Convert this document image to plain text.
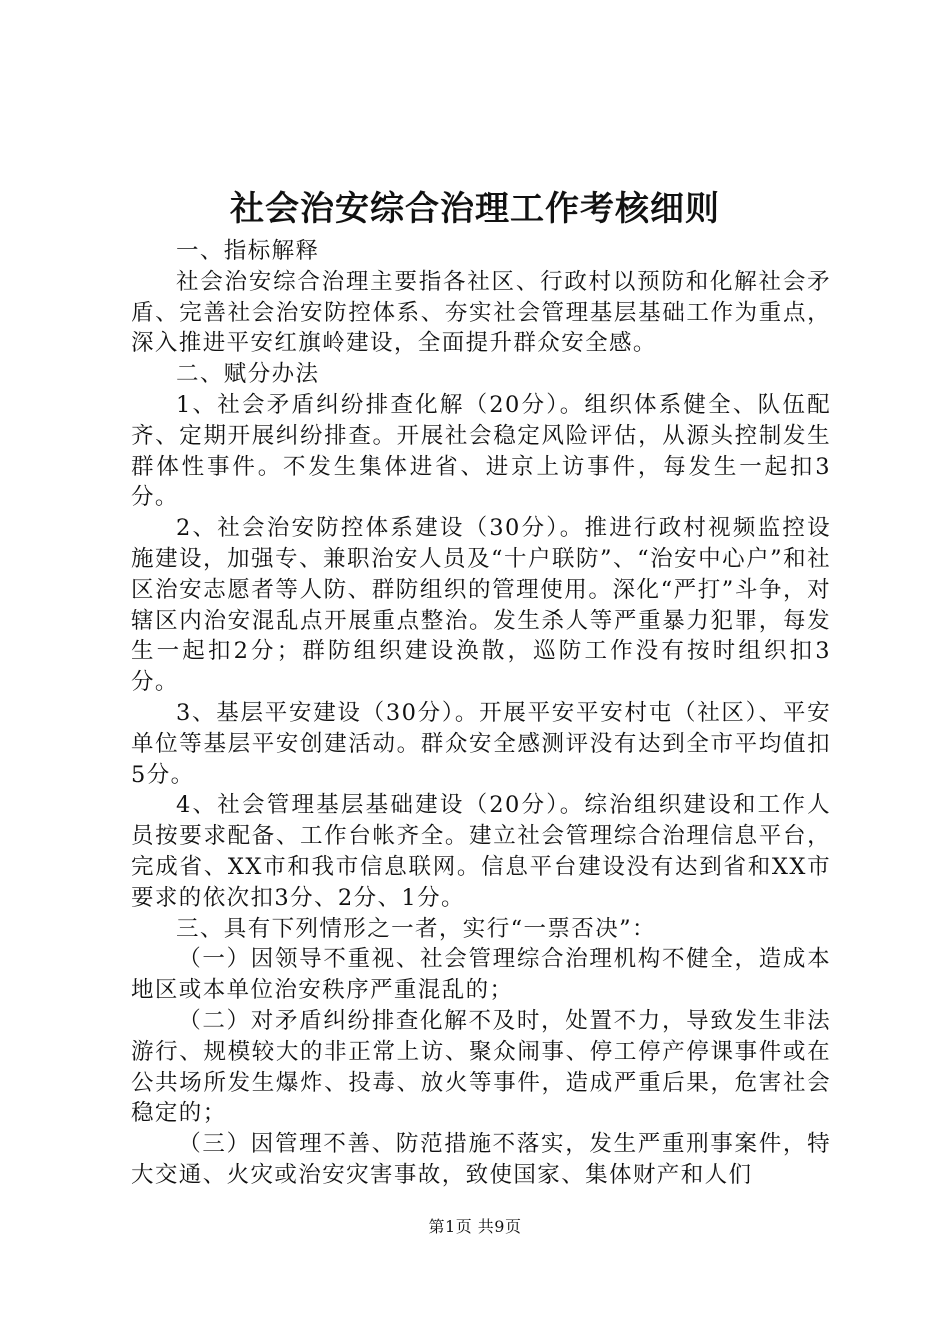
社会治安综合治理工作考核细则

一、指标解释

社会治安综合治理主要指各社区、行政村以预防和化解社会矛盾、完善社会治安防控体系、夯实社会管理基层基础工作为重点，深入推进平安红旗岭建设，全面提升群众安全感。

二、赋分办法

1、社会矛盾纠纷排查化解（20分）。组织体系健全、队伍配齐、定期开展纠纷排查。开展社会稳定风险评估，从源头控制发生群体性事件。不发生集体进省、进京上访事件，每发生一起扣3分。

2、社会治安防控体系建设（30分）。推进行政村视频监控设施建设，加强专、兼职治安人员及“十户联防”、“治安中心户”和社区治安志愿者等人防、群防组织的管理使用。深化“严打”斗争，对辖区内治安混乱点开展重点整治。发生杀人等严重暴力犯罪，每发生一起扣2分；群防组织建设涣散，巡防工作没有按时组织扣3分。

3、基层平安建设（30分）。开展平安平安村屯（社区）、平安单位等基层平安创建活动。群众安全感测评没有达到全市平均值扣5分。

4、社会管理基层基础建设（20分）。综治组织建设和工作人员按要求配备、工作台帐齐全。建立社会管理综合治理信息平台，完成省、XX市和我市信息联网。信息平台建设没有达到省和XX市要求的依次扣3分、2分、1分。

三、具有下列情形之一者，实行“一票否决”：

（一）因领导不重视、社会管理综合治理机构不健全，造成本地区或本单位治安秩序严重混乱的；

（二）对矛盾纠纷排查化解不及时，处置不力，导致发生非法游行、规模较大的非正常上访、聚众闹事、停工停产停课事件或在公共场所发生爆炸、投毒、放火等事件，造成严重后果，危害社会稳定的；

（三）因管理不善、防范措施不落实，发生严重刑事案件，特大交通、火灾或治安灾害事故，致使国家、集体财产和人们

第1页 共9页
